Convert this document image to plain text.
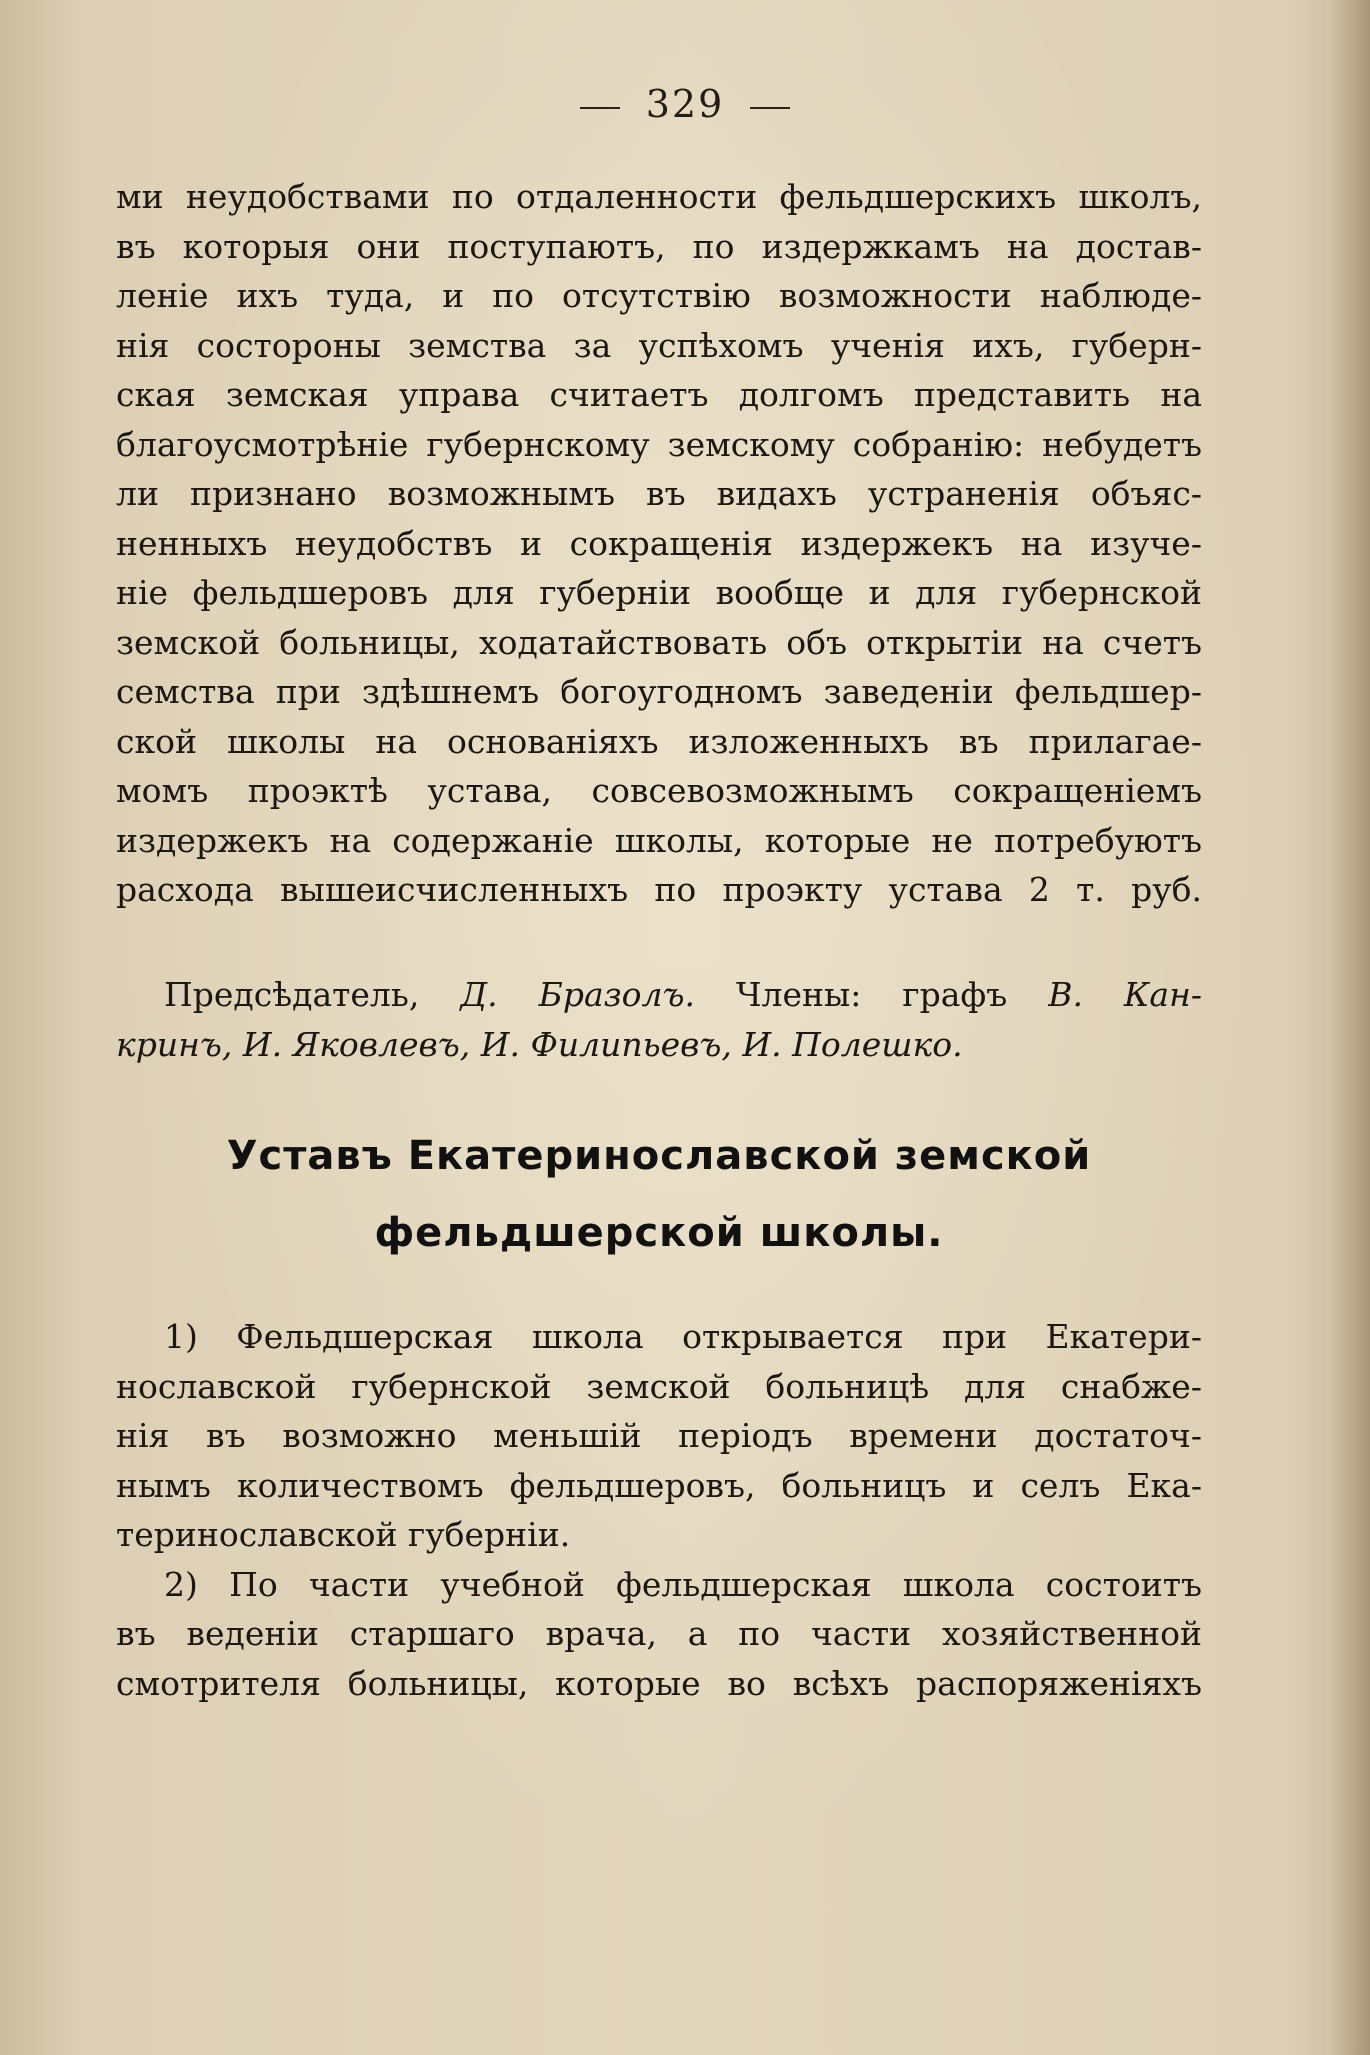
329
ми неудобствами по отдаленности фельдшерскихъ школъ,
въ которыя они поступаютъ, по издержкамъ на достав-
леніе ихъ туда, и по отсутствію возможности наблюде-
нія состороны земства за успѣхомъ ученія ихъ, губерн-
ская земская управа считаетъ долгомъ представить на
благоусмотрѣніе губернскому земскому собранію: небудетъ
ли признано возможнымъ въ видахъ устраненія объяс-
ненныхъ неудобствъ и сокращенія издержекъ на изуче-
ніе фельдшеровъ для губерніи вообще и для губернской
земской больницы, ходатайствовать объ открытіи на счетъ
семства при здѣшнемъ богоугодномъ заведеніи фельдшер-
ской школы на основаніяхъ изложенныхъ въ прилагае-
момъ проэктѣ устава, совсевозможнымъ сокращеніемъ
издержекъ на содержаніе школы, которые не потребуютъ
расхода вышеисчисленныхъ по проэкту устава 2 т. руб.
Предсѣдатель, Д. Бразолъ. Члены: графъ В. Кан-
кринъ, И. Яковлевъ, И. Филипьевъ, И. Полешко.
Уставъ Екатеринославской земской
фельдшерской школы.
1) Фельдшерская школа открывается при Екатери-
нославской губернской земской больницѣ для снабже-
нія въ возможно меньшій періодъ времени достаточ-
нымъ количествомъ фельдшеровъ, больницъ и селъ Ека-
теринославской губерніи.
2) По части учебной фельдшерская школа состоитъ
въ веденіи старшаго врача, а по части хозяйственной
смотрителя больницы, которые во всѣхъ распоряженіяхъ
